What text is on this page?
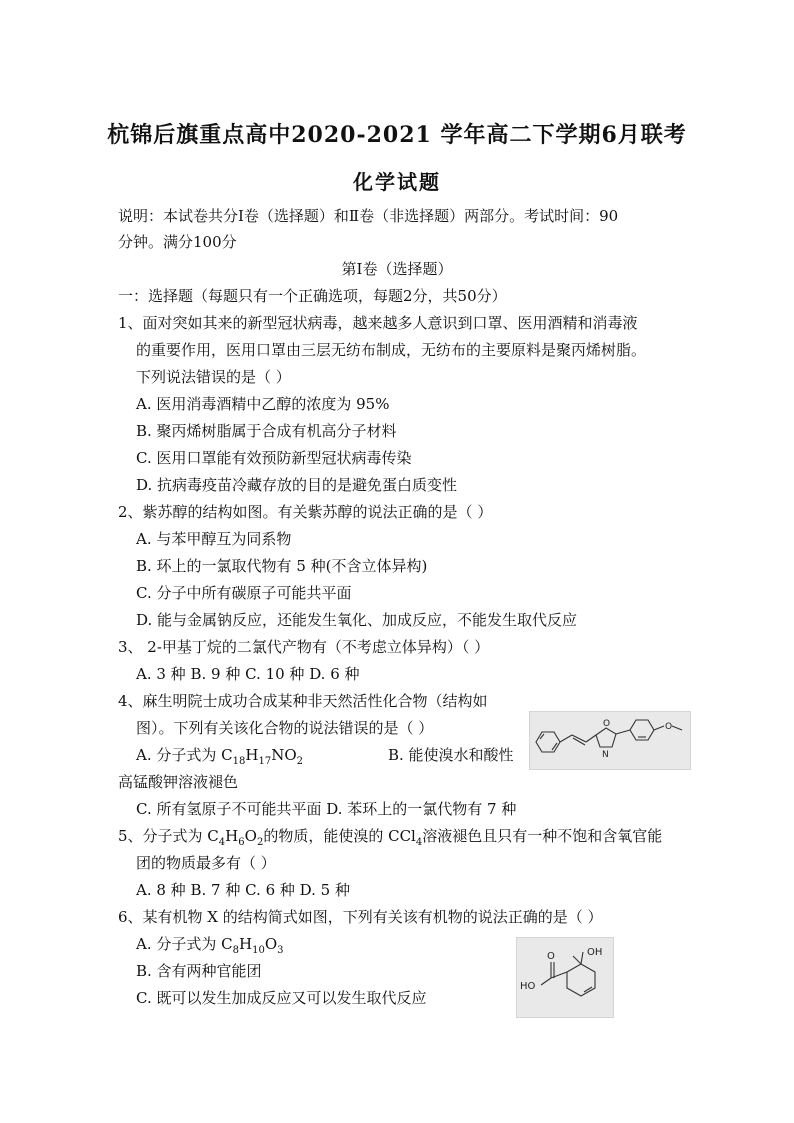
杭锦后旗重点高中2020-2021 学年高二下学期6月联考
化学试题
说明：本试卷共分Ⅰ卷（选择题）和Ⅱ卷（非选择题）两部分。考试时间：90
分钟。满分100分
第Ⅰ卷（选择题）
一：选择题（每题只有一个正确选项，每题2分，共50分）
1、面对突如其来的新型冠状病毒，越来越多人意识到口罩、医用酒精和消毒液
的重要作用，医用口罩由三层无纺布制成，无纺布的主要原料是聚丙烯树脂。
下列说法错误的是（ ）
A. 医用消毒酒精中乙醇的浓度为 95%
B. 聚丙烯树脂属于合成有机高分子材料
C. 医用口罩能有效预防新型冠状病毒传染
D. 抗病毒疫苗冷藏存放的目的是避免蛋白质变性
2、紫苏醇的结构如图。有关紫苏醇的说法正确的是（ ）
A. 与苯甲醇互为同系物
B. 环上的一氯取代物有 5 种(不含立体异构)
C. 分子中所有碳原子可能共平面
D. 能与金属钠反应，还能发生氧化、加成反应，不能发生取代反应
3、 2-甲基丁烷的二氯代产物有（不考虑立体异构）（ ）
A. 3 种 B. 9 种 C. 10 种 D. 6 种
4、麻生明院士成功合成某种非天然活性化合物（结构如
图）。下列有关该化合物的说法错误的是（ ）
A. 分子式为 $C_{18}H_{17}NO_2$	B. 能使溴水和酸性
高锰酸钾溶液褪色
C. 所有氢原子不可能共平面 D. 苯环上的一氯代物有 7 种
N
O	O
5、分子式为 $C_4H_6O_2$的物质，能使溴的 CCl$_4$溶液褪色且只有一种不饱和含氧官能
团的物质最多有（ ）
A. 8 种 B. 7 种 C. 6 种 D. 5 种
6、某有机物 X 的结构简式如图，下列有关该有机物的说法正确的是（ ）
A. 分子式为 $C_8H_{10}O_3$
B. 含有两种官能团
C. 既可以发生加成反应又可以发生取代反应
OH
O
HO
